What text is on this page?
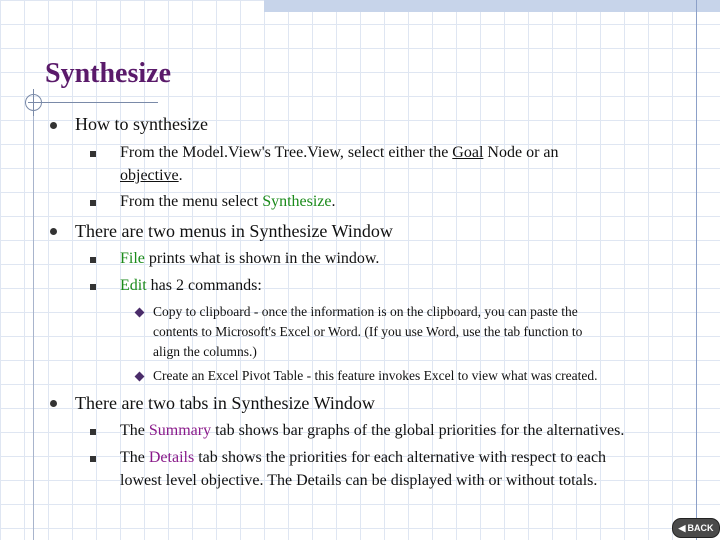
Synthesize
How to synthesize
From the Model.View's Tree.View, select either the Goal Node or an
objective.
From the menu select Synthesize.
There are two menus in Synthesize Window
File prints what is shown in the window.
Edit has 2 commands:
Copy to clipboard - once the information is on the clipboard, you can paste the
contents to Microsoft's Excel or Word. (If you use Word, use the tab function to
align the columns.)
Create an Excel Pivot Table - this feature invokes Excel to view what was created.
There are two tabs in Synthesize Window
The Summary tab shows bar graphs of the global priorities for the alternatives.
The Details tab shows the priorities for each alternative with respect to each
lowest level objective. The Details can be displayed with or without totals.
◀ BACK
